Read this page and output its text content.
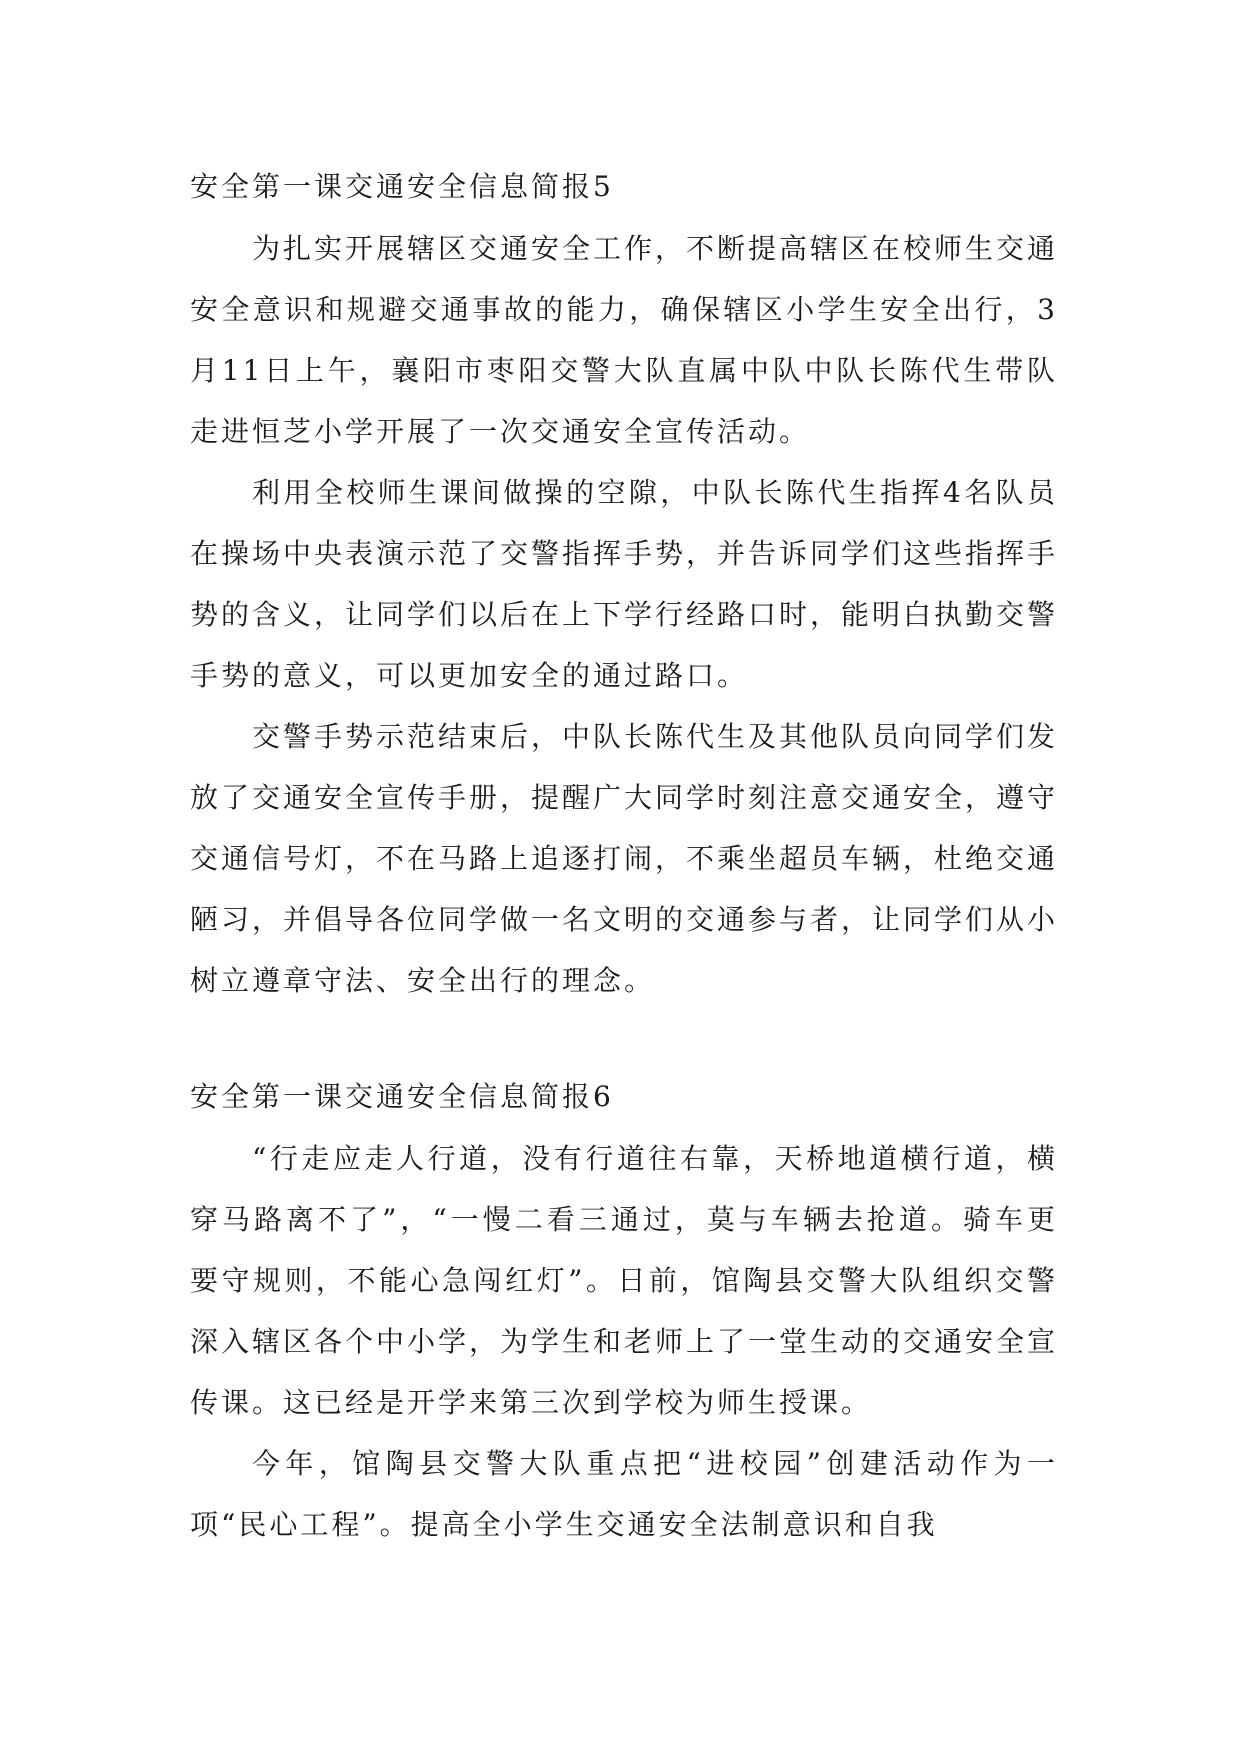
安全第一课交通安全信息简报5

为扎实开展辖区交通安全工作，不断提高辖区在校师生交通安全意识和规避交通事故的能力，确保辖区小学生安全出行，3月11日上午，襄阳市枣阳交警大队直属中队中队长陈代生带队走进恒芝小学开展了一次交通安全宣传活动。

利用全校师生课间做操的空隙，中队长陈代生指挥4名队员在操场中央表演示范了交警指挥手势，并告诉同学们这些指挥手势的含义，让同学们以后在上下学行经路口时，能明白执勤交警手势的意义，可以更加安全的通过路口。

交警手势示范结束后，中队长陈代生及其他队员向同学们发放了交通安全宣传手册，提醒广大同学时刻注意交通安全，遵守交通信号灯，不在马路上追逐打闹，不乘坐超员车辆，杜绝交通陋习，并倡导各位同学做一名文明的交通参与者，让同学们从小树立遵章守法、安全出行的理念。

安全第一课交通安全信息简报6

“行走应走人行道，没有行道往右靠，天桥地道横行道，横穿马路离不了”，“一慢二看三通过，莫与车辆去抢道。骑车更要守规则，不能心急闯红灯”。日前，馆陶县交警大队组织交警深入辖区各个中小学，为学生和老师上了一堂生动的交通安全宣传课。这已经是开学来第三次到学校为师生授课。

今年，馆陶县交警大队重点把“进校园”创建活动作为一项“民心工程”。提高全小学生交通安全法制意识和自我
